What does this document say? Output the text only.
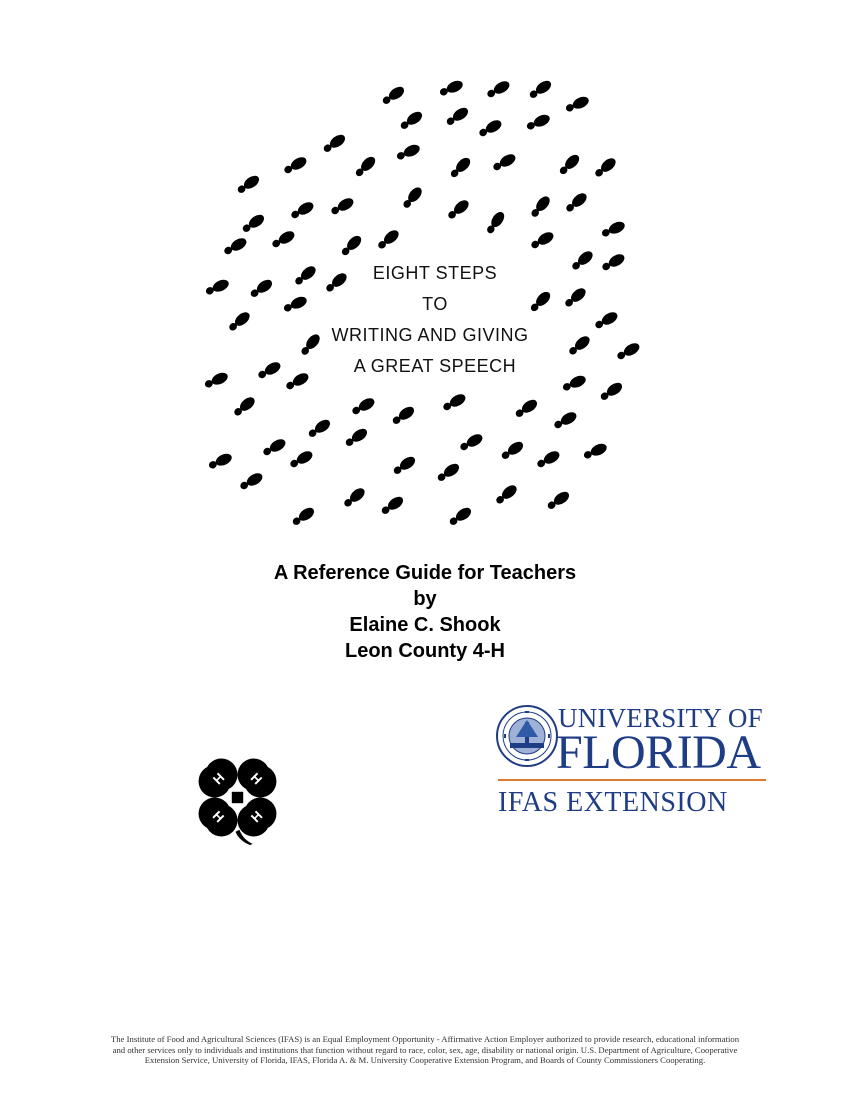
EIGHT STEPS
TO
WRITING AND GIVING
A GREAT SPEECH
A Reference Guide for Teachers
by
Elaine C. Shook
Leon County 4-H
H H
H H
UNIVERSITY OF
FLORIDA
IFAS EXTENSION
The Institute of Food and Agricultural Sciences (IFAS) is an Equal Employment Opportunity - Affirmative Action Employer authorized to provide research, educational information and other services only to individuals and institutions that function without regard to race, color, sex, age, disability or national origin. U.S. Department of Agriculture, Cooperative Extension Service, University of Florida, IFAS, Florida A. & M. University Cooperative Extension Program, and Boards of County Commissioners Cooperating.
